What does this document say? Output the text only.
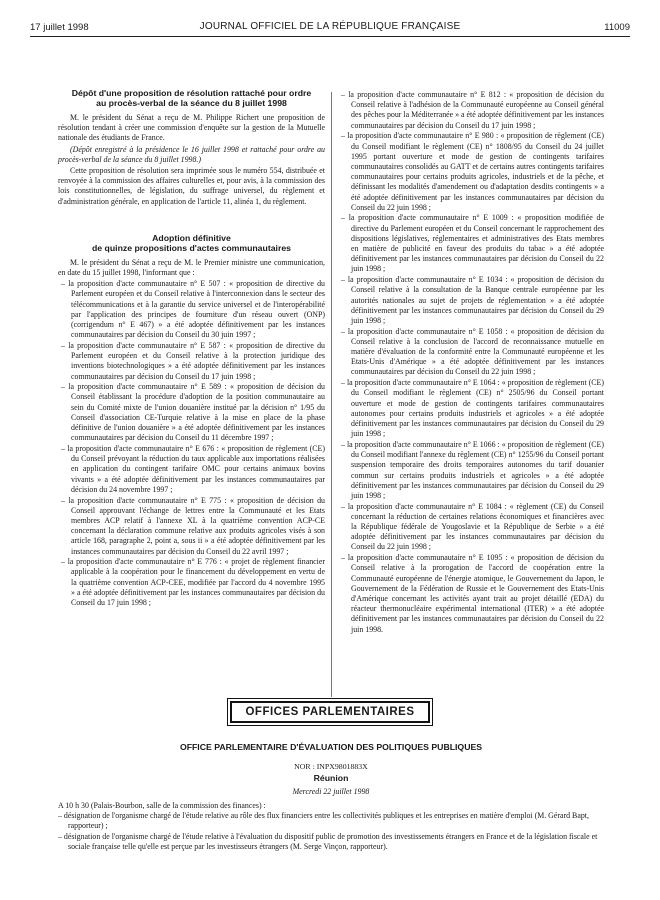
17 juillet 1998	JOURNAL OFFICIEL DE LA RÉPUBLIQUE FRANÇAISE	11009
Dépôt d'une proposition de résolution rattaché pour ordre
au procès-verbal de la séance du 8 juillet 1998

M. le président du Sénat a reçu de M. Philippe Richert une proposition de résolution tendant à créer une commission d'enquête sur la gestion de la Mutuelle nationale des étudiants de France.

(Dépôt enregistré à la présidence le 16 juillet 1998 et rattaché pour ordre au procès-verbal de la séance du 8 juillet 1998.)

Cette proposition de résolution sera imprimée sous le numéro 554, distribuée et renvoyée à la commission des affaires culturelles et, pour avis, à la commission des lois constitutionnelles, de législation, du suffrage universel, du règlement et d'administration générale, en application de l'article 11, alinéa 1, du règlement.

Adoption définitive
de quinze propositions d'actes communautaires

M. le président du Sénat a reçu de M. le Premier ministre une communication, en date du 15 juillet 1998, l'informant que :

– la proposition d'acte communautaire n° E 507 : « proposition de directive du Parlement européen et du Conseil relative à l'interconnexion dans le secteur des télécommunications et à la garantie du service universel et de l'interopérabilité par l'application des principes de fourniture d'un réseau ouvert (ONP) (corrigendum n° E 467) » a été adoptée définitivement par les instances communautaires par décision du Conseil du 30 juin 1997 ;
– la proposition d'acte communautaire n° E 587 : « proposition de directive du Parlement européen et du Conseil relative à la protection juridique des inventions biotechnologiques » a été adoptée définitivement par les instances communautaires par décision du Conseil du 17 juin 1998 ;
– la proposition d'acte communautaire n° E 589 : « proposition de décision du Conseil établissant la procédure d'adoption de la position communautaire au sein du Comité mixte de l'union douanière institué par la décision n° 1/95 du Conseil d'association CE-Turquie relative à la mise en place de la phase définitive de l'union douanière » a été adoptée définitivement par les instances communautaires par décision du Conseil du 11 décembre 1997 ;
– la proposition d'acte communautaire n° E 676 : « proposition de règlement (CE) du Conseil prévoyant la réduction du taux applicable aux importations réalisées en application du contingent tarifaire OMC pour certains animaux bovins vivants » a été adoptée définitivement par les instances communautaires par décision du 24 novembre 1997 ;
– la proposition d'acte communautaire n° E 775 : « proposition de décision du Conseil approuvant l'échange de lettres entre la Communauté et les Etats membres ACP relatif à l'annexe XL à la quatrième convention ACP-CE concernant la déclaration commune relative aux produits agricoles visés à son article 168, paragraphe 2, point a, sous ii » a été adoptée définitivement par les instances communautaires par décision du Conseil du 22 avril 1997 ;
– la proposition d'acte communautaire n° E 776 : « projet de règlement financier applicable à la coopération pour le financement du développement en vertu de la quatrième convention ACP-CEE, modifiée par l'accord du 4 novembre 1995 » a été adoptée définitivement par les instances communautaires par décision du Conseil du 17 juin 1998 ;
– la proposition d'acte communautaire n° E 812 : « proposition de décision du Conseil relative à l'adhésion de la Communauté européenne au Conseil général des pêches pour la Méditerranée » a été adoptée définitivement par les instances communautaires par décision du Conseil du 17 juin 1998 ;
– la proposition d'acte communautaire n° E 980 : « proposition de règlement (CE) du Conseil modifiant le règlement (CE) n° 1808/95 du Conseil du 24 juillet 1995 portant ouverture et mode de gestion de contingents tarifaires communautaires consolidés au GATT et de certains autres contingents tarifaires communautaires pour certains produits agricoles, industriels et de la pêche, et définissant les modalités d'amendement ou d'adaptation desdits contingents » a été adoptée définitivement par les instances communautaires par décision du Conseil du 22 juin 1998 ;
– la proposition d'acte communautaire n° E 1009 : « proposition modifiée de directive du Parlement européen et du Conseil concernant le rapprochement des dispositions législatives, réglementaires et administratives des Etats membres en matière de publicité en faveur des produits du tabac » a été adoptée définitivement par les instances communautaires par décision du Conseil du 22 juin 1998 ;
– la proposition d'acte communautaire n° E 1034 : « proposition de décision du Conseil relative à la consultation de la Banque centrale européenne par les autorités nationales au sujet de projets de réglementation » a été adoptée définitivement par les instances communautaires par décision du Conseil du 29 juin 1998 ;
– la proposition d'acte communautaire n° E 1058 : « proposition de décision du Conseil relative à la conclusion de l'accord de reconnaissance mutuelle en matière d'évaluation de la conformité entre la Communauté européenne et les Etats-Unis d'Amérique » a été adoptée définitivement par les instances communautaires par décision du Conseil du 22 juin 1998 ;
– la proposition d'acte communautaire n° E 1064 : « proposition de règlement (CE) du Conseil modifiant le règlement (CE) n° 2505/96 du Conseil portant ouverture et mode de gestion de contingents tarifaires communautaires autonomes pour certains produits industriels et agricoles » a été adoptée définitivement par les instances communautaires par décision du Conseil du 29 juin 1998 ;
– la proposition d'acte communautaire n° E 1066 : « proposition de règlement (CE) du Conseil modifiant l'annexe du règlement (CE) n° 1255/96 du Conseil portant suspension temporaire des droits temporaires autonomes du tarif douanier commun sur certains produits industriels et agricoles » a été adoptée définitivement par les instances communautaires par décision du Conseil du 29 juin 1998 ;
– la proposition d'acte communautaire n° E 1084 : « règlement (CE) du Conseil concernant la réduction de certaines relations économiques et financières avec la République fédérale de Yougoslavie et la République de Serbie » a été adoptée définitivement par les instances communautaires par décision du Conseil du 22 juin 1998 ;
– la proposition d'acte communautaire n° E 1095 : « proposition de décision du Conseil relative à la prorogation de l'accord de coopération entre la Communauté européenne de l'énergie atomique, le Gouvernement du Japon, le Gouvernement de la Fédération de Russie et le Gouvernement des Etats-Unis d'Amérique concernant les activités ayant trait au projet détaillé (EDA) du réacteur thermonucléaire expérimental international (ITER) » a été adoptée définitivement par les instances communautaires par décision du Conseil du 22 juin 1998.
OFFICES PARLEMENTAIRES
OFFICE PARLEMENTAIRE D'ÉVALUATION DES POLITIQUES PUBLIQUES
NOR : INPX9801883X
Réunion
Mercredi 22 juillet 1998

A 10 h 30 (Palais-Bourbon, salle de la commission des finances) :

– désignation de l'organisme chargé de l'étude relative au rôle des flux financiers entre les collectivités publiques et les entreprises en matière d'emploi (M. Gérard Bapt, rapporteur) ;
– désignation de l'organisme chargé de l'étude relative à l'évaluation du dispositif public de promotion des investissements étrangers en France et de la législation fiscale et sociale française telle qu'elle est perçue par les investisseurs étrangers (M. Serge Vinçon, rapporteur).
